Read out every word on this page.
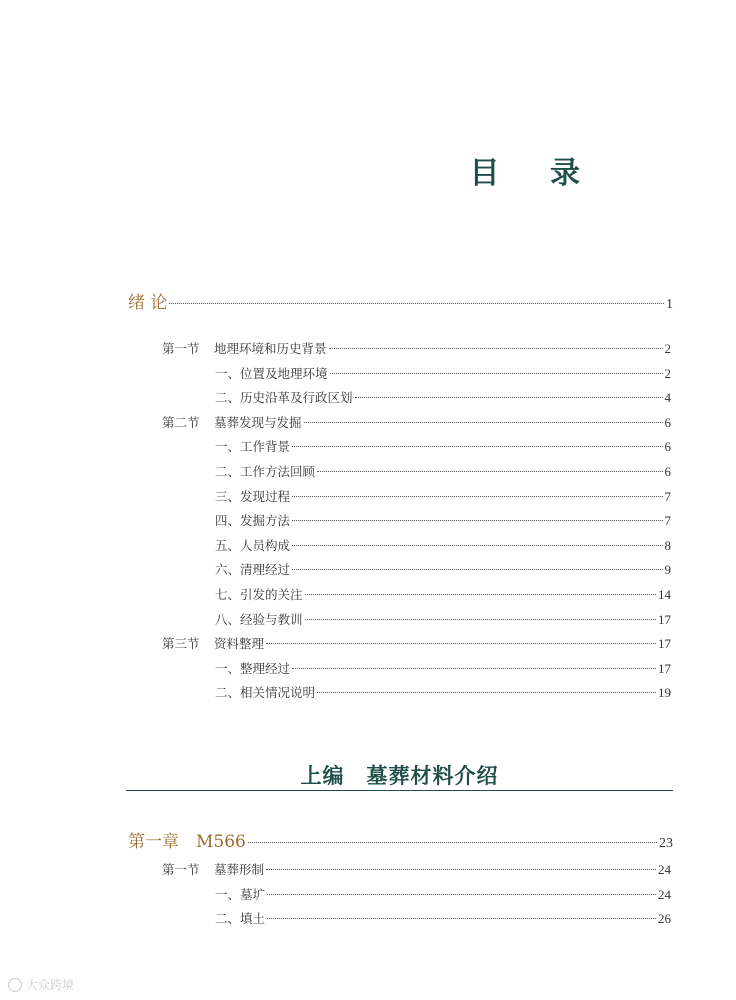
目 录
绪 论	1
第一节 地理环境和历史背景	2
一、位置及地理环境	2
二、历史沿革及行政区划	4
第二节 墓葬发现与发掘	6
一、工作背景	6
二、工作方法回顾	6
三、发现过程	7
四、发掘方法	7
五、人员构成	8
六、清理经过	9
七、引发的关注	14
八、经验与教训	17
第三节 资料整理	17
一、整理经过	17
二、相关情况说明	19
上编　墓葬材料介绍
第一章　M566	23
第一节 墓葬形制	24
一、墓圹	24
二、填土	26
大众跨境
